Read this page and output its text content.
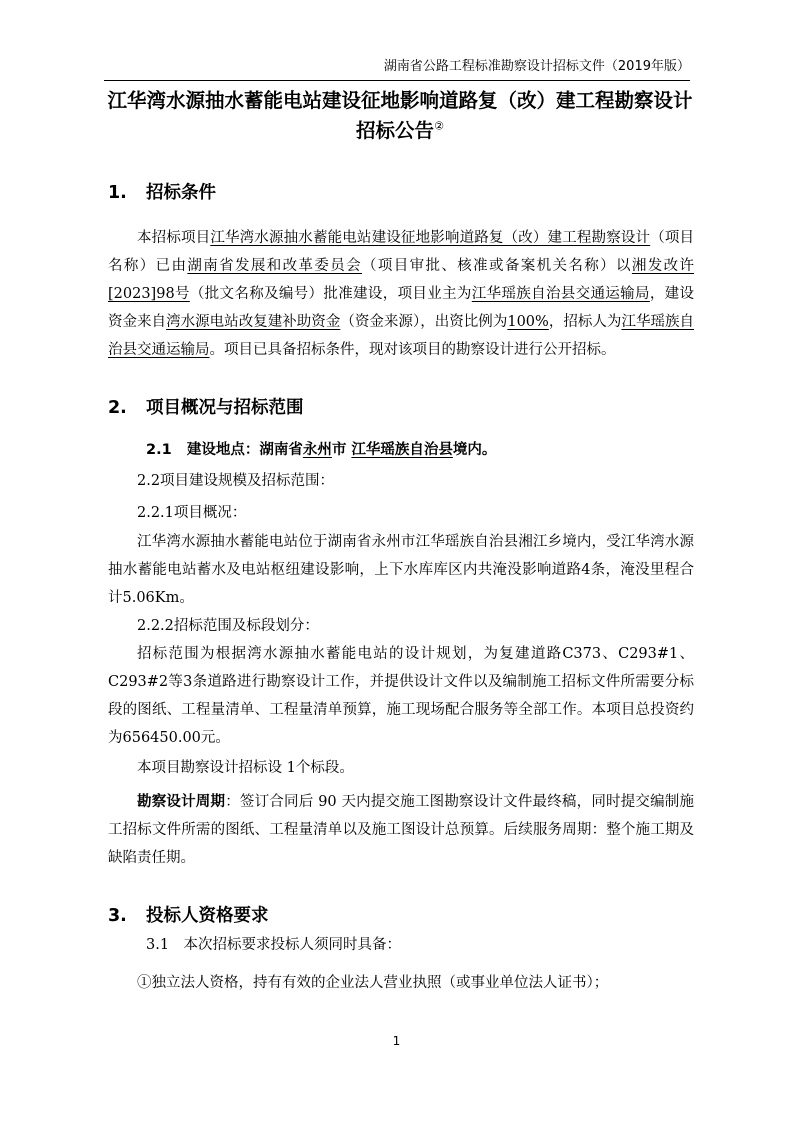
湖南省公路工程标准勘察设计招标文件（2019年版）
江华湾水源抽水蓄能电站建设征地影响道路复（改）建工程勘察设计招标公告②
1. 招标条件
本招标项目江华湾水源抽水蓄能电站建设征地影响道路复（改）建工程勘察设计（项目名称）已由湖南省发展和改革委员会（项目审批、核准或备案机关名称）以湘发改许[2023]98号（批文名称及编号）批准建设，项目业主为江华瑶族自治县交通运输局，建设资金来自湾水源电站改复建补助资金（资金来源），出资比例为100%，招标人为江华瑶族自治县交通运输局。项目已具备招标条件，现对该项目的勘察设计进行公开招标。
2. 项目概况与招标范围
2.1 建设地点：湖南省永州市 江华瑶族自治县境内。
2.2项目建设规模及招标范围：
2.2.1项目概况：
江华湾水源抽水蓄能电站位于湖南省永州市江华瑶族自治县湘江乡境内，受江华湾水源抽水蓄能电站蓄水及电站枢纽建设影响，上下水库库区内共淹没影响道路4条，淹没里程合计5.06Km。
2.2.2招标范围及标段划分：
招标范围为根据湾水源抽水蓄能电站的设计规划，为复建道路C373、C293#1、C293#2等3条道路进行勘察设计工作，并提供设计文件以及编制施工招标文件所需要分标段的图纸、工程量清单、工程量清单预算，施工现场配合服务等全部工作。本项目总投资约为656450.00元。
本项目勘察设计招标设 1个标段。
勘察设计周期：签订合同后 90 天内提交施工图勘察设计文件最终稿，同时提交编制施工招标文件所需的图纸、工程量清单以及施工图设计总预算。后续服务周期：整个施工期及缺陷责任期。
3. 投标人资格要求
3.1　本次招标要求投标人须同时具备：
①独立法人资格，持有有效的企业法人营业执照（或事业单位法人证书）；
1
